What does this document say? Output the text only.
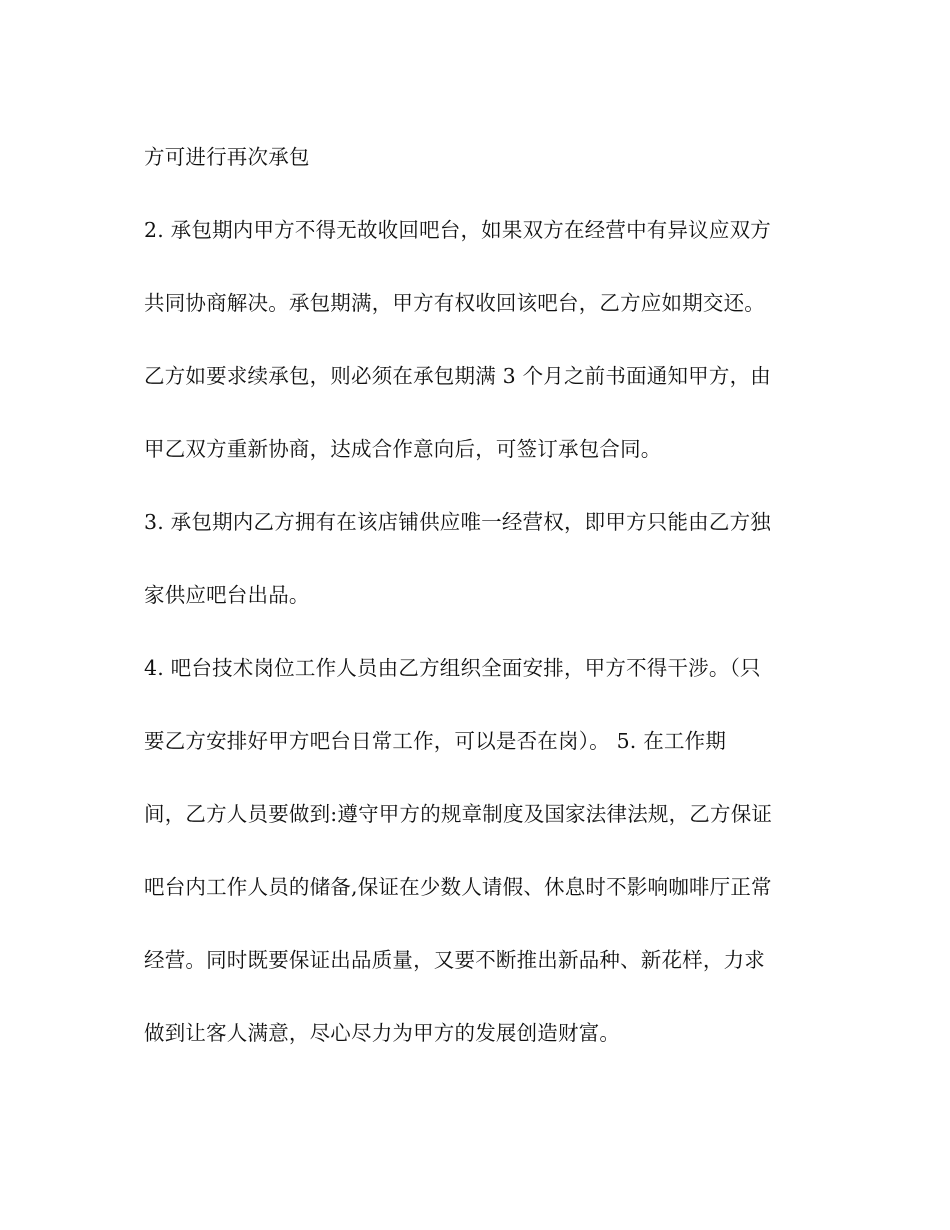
方可进行再次承包
2. 承包期内甲方不得无故收回吧台，如果双方在经营中有异议应双方
共同协商解决。承包期满，甲方有权收回该吧台，乙方应如期交还。
乙方如要求续承包，则必须在承包期满 3 个月之前书面通知甲方，由
甲乙双方重新协商，达成合作意向后，可签订承包合同。
3. 承包期内乙方拥有在该店铺供应唯一经营权，即甲方只能由乙方独
家供应吧台出品。
4. 吧台技术岗位工作人员由乙方组织全面安排，甲方不得干涉。（只
要乙方安排好甲方吧台日常工作，可以是否在岗）。 5. 在工作期
间，乙方人员要做到:遵守甲方的规章制度及国家法律法规，乙方保证
吧台内工作人员的储备,保证在少数人请假、休息时不影响咖啡厅正常
经营。同时既要保证出品质量，又要不断推出新品种、新花样，力求
做到让客人满意，尽心尽力为甲方的发展创造财富。
